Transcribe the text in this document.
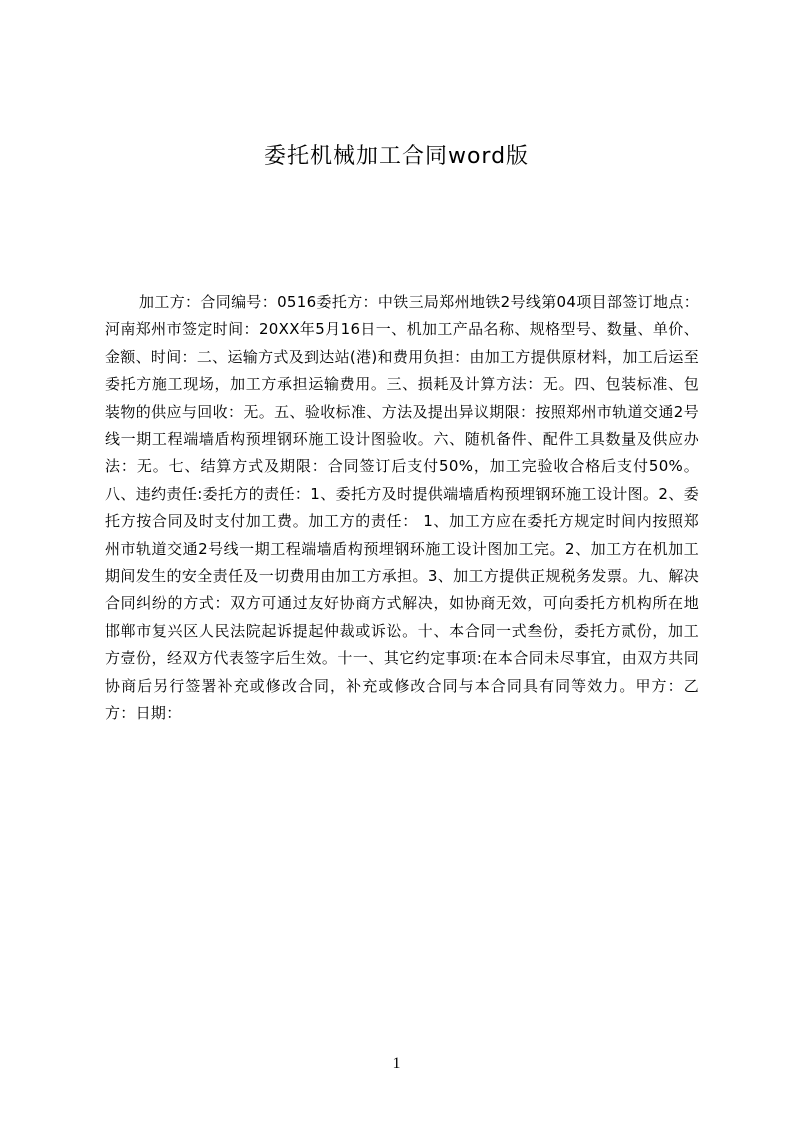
委托机械加工合同word版

加工方：合同编号：0516委托方：中铁三局郑州地铁2号线第04项目部签订地点：河南郑州市签定时间：20XX年5月16日一、机加工产品名称、规格型号、数量、单价、金额、时间：二、运输方式及到达站(港)和费用负担：由加工方提供原材料，加工后运至委托方施工现场，加工方承担运输费用。三、损耗及计算方法：无。四、包装标准、包装物的供应与回收：无。五、验收标准、方法及提出异议期限：按照郑州市轨道交通2号线一期工程端墙盾构预埋钢环施工设计图验收。六、随机备件、配件工具数量及供应办法：无。七、结算方式及期限：合同签订后支付50%，加工完验收合格后支付50%。八、违约责任:委托方的责任：1、委托方及时提供端墙盾构预埋钢环施工设计图。2、委托方按合同及时支付加工费。加工方的责任： 1、加工方应在委托方规定时间内按照郑州市轨道交通2号线一期工程端墙盾构预埋钢环施工设计图加工完。2、加工方在机加工期间发生的安全责任及一切费用由加工方承担。3、加工方提供正规税务发票。九、解决合同纠纷的方式：双方可通过友好协商方式解决，如协商无效，可向委托方机构所在地邯郸市复兴区人民法院起诉提起仲裁或诉讼。十、本合同一式叁份，委托方贰份，加工方壹份，经双方代表签字后生效。十一、其它约定事项:在本合同未尽事宜，由双方共同协商后另行签署补充或修改合同，补充或修改合同与本合同具有同等效力。甲方：乙方：日期：

1
